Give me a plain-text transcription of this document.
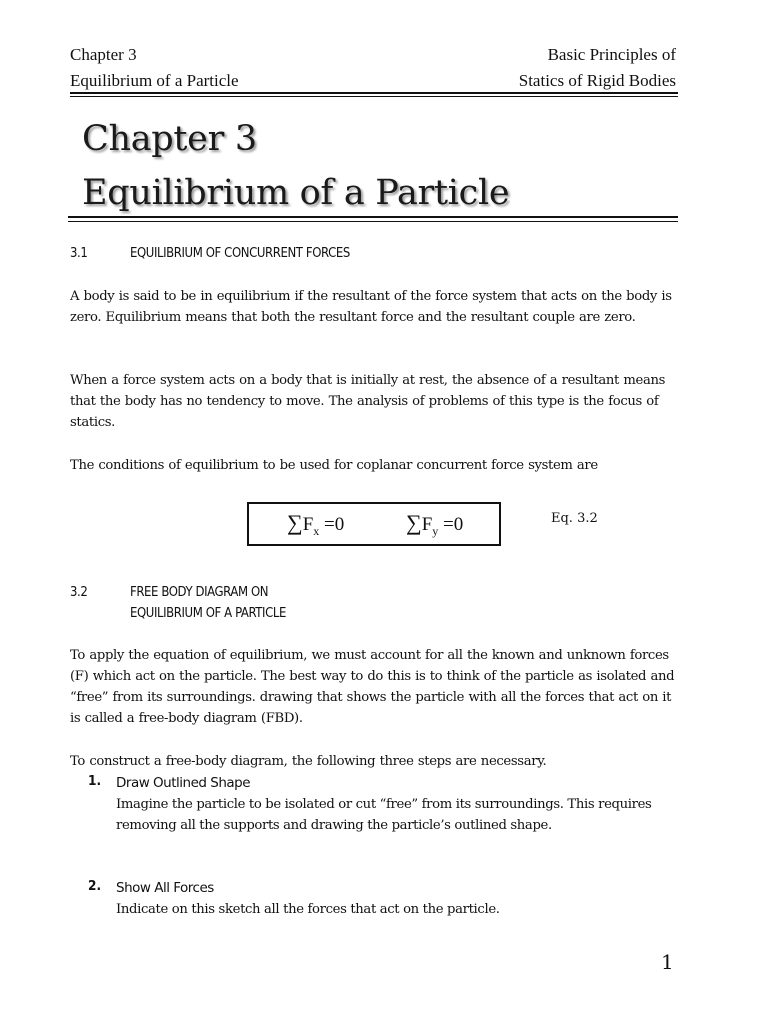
Chapter 3
Equilibrium of a Particle
Basic Principles of
Statics of Rigid Bodies
Chapter 3
Equilibrium of a Particle
3.1	EQUILIBRIUM OF CONCURRENT FORCES
A body is said to be in equilibrium if the resultant of the force system that acts on the body is zero. Equilibrium means that both the resultant force and the resultant couple are zero.
When a force system acts on a body that is initially at rest, the absence of a resultant means that the body has no tendency to move. The analysis of problems of this type is the focus of statics.
The conditions of equilibrium to be used for coplanar concurrent force system are
$\sum F_x =0$	$\sum F_y =0$	Eq. 3.2
3.2	FREE BODY DIAGRAM ON
EQUILIBRIUM OF A PARTICLE
To apply the equation of equilibrium, we must account for all the known and unknown forces (F) which act on the particle. The best way to do this is to think of the particle as isolated and “free” from its surroundings. drawing that shows the particle with all the forces that act on it is called a free-body diagram (FBD).
To construct a free-body diagram, the following three steps are necessary.
1. Draw Outlined Shape
Imagine the particle to be isolated or cut “free” from its surroundings. This requires removing all the supports and drawing the particle’s outlined shape.
2. Show All Forces
Indicate on this sketch all the forces that act on the particle.
1
